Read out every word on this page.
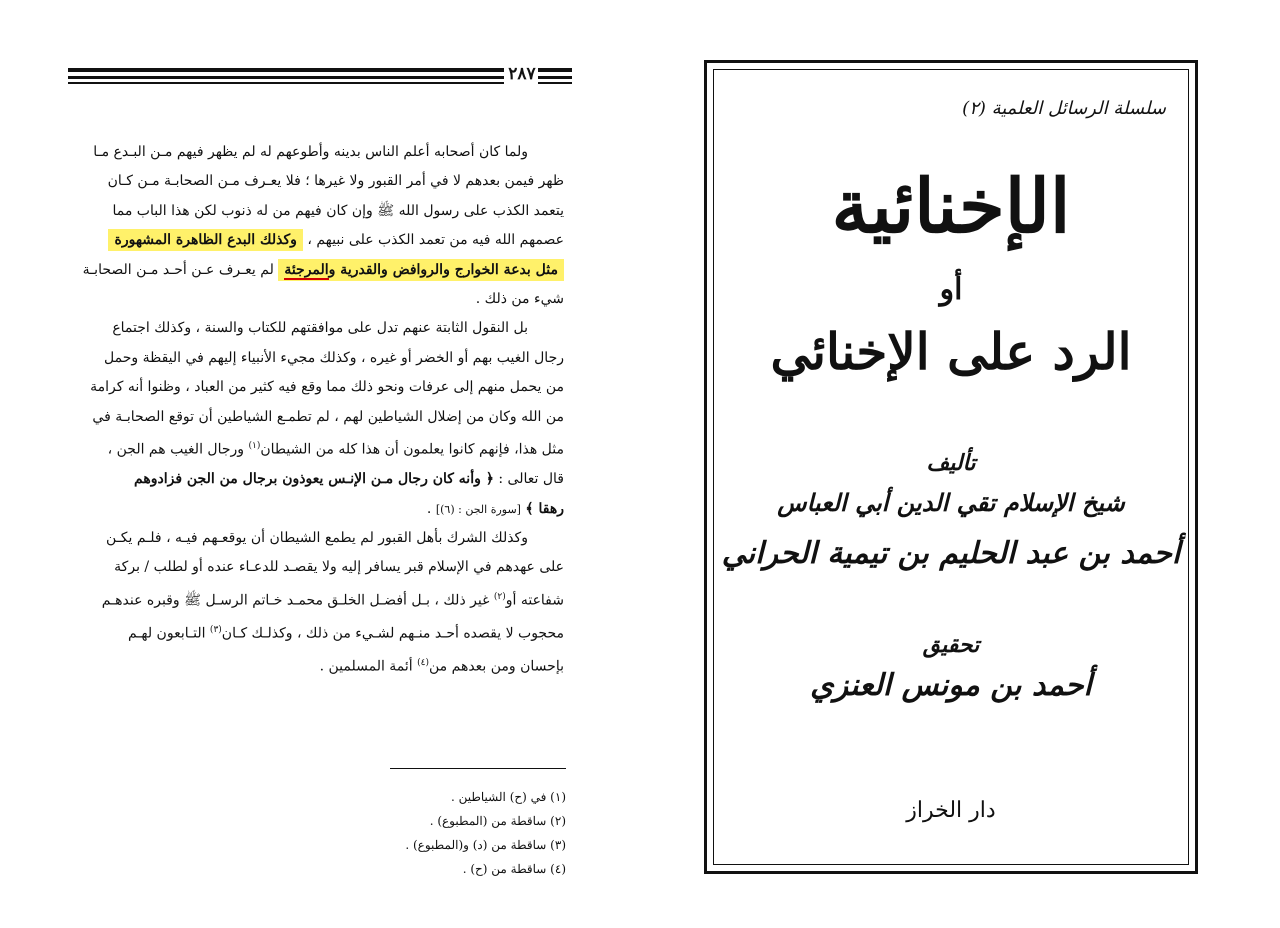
٢٨٧

ولما كان أصحابه أعلم الناس بدينه وأطوعهم له لم يظهر فيهم مـن البـدع مـا

ظهر فيمن بعدهم لا في أمر القبور ولا غيرها ؛ فلا يعـرف مـن الصحابـة مـن كـان

يتعمد الكذب على رسول الله ﷺ وإن كان فيهم من له ذنوب لكن هذا الباب مما

عصمهم الله فيه من تعمد الكذب على نبيهم ، وكذلك البدع الظاهرة المشهورة

مثل بدعة الخوارج والروافض والقدرية والمرجئة لم يعـرف عـن أحـد مـن الصحابـة

شيء من ذلك .

بل النقول الثابتة عنهم تدل على موافقتهم للكتاب والسنة ، وكذلك اجتماع

رجال الغيب بهم أو الخضر أو غيره ، وكذلك مجيء الأنبياء إليهم في اليقظة وحمل

من يحمل منهم إلى عرفات ونحو ذلك مما وقع فيه كثير من العباد ، وظنوا أنه كرامة

من الله وكان من إضلال الشياطين لهم ، لم تطمـع الشياطين أن توقع الصحابـة في

مثل هذا، فإنهم كانوا يعلمون أن هذا كله من الشيطان$^{(١)}$ ورجال الغيب هم الجن ،

قال تعالى : ﴿ وأنه كان رجال مـن الإنـس يعوذون برجال من الجن فزادوهم

رهقا ﴾ [سورة الجن : (٦)] .

وكذلك الشرك بأهل القبور لم يطمع الشيطان أن يوقعـهم فيـه ، فلـم يكـن

على عهدهم في الإسلام قبر يسافر إليه ولا يقصـد للدعـاء عنده أو لطلب / بركة

شفاعته أو$^{(٢)}$ غير ذلك ، بـل أفضـل الخلـق محمـد خـاتم الرسـل ﷺ وقبره عندهـم

محجوب لا يقصده أحـد منـهم لشـيء من ذلك ، وكذلـك كـان$^{(٣)}$ التـابعون لهـم

بإحسان ومن بعدهم من$^{(٤)}$ أئمة المسلمين .

(١) في (ح) الشياطين .
(٢) ساقطة من (المطبوع) .
(٣) ساقطة من (د) و(المطبوع) .
(٤) ساقطة من (ح) .
سلسلة الرسائل العلمية (٢)
الإخنائية
أو
الرد على الإخنائي
تأليف
شيخ الإسلام تقي الدين أبي العباس
أحمد بن عبد الحليم بن تيمية الحراني
تحقيق
أحمد بن مونس العنزي
دار الخراز
